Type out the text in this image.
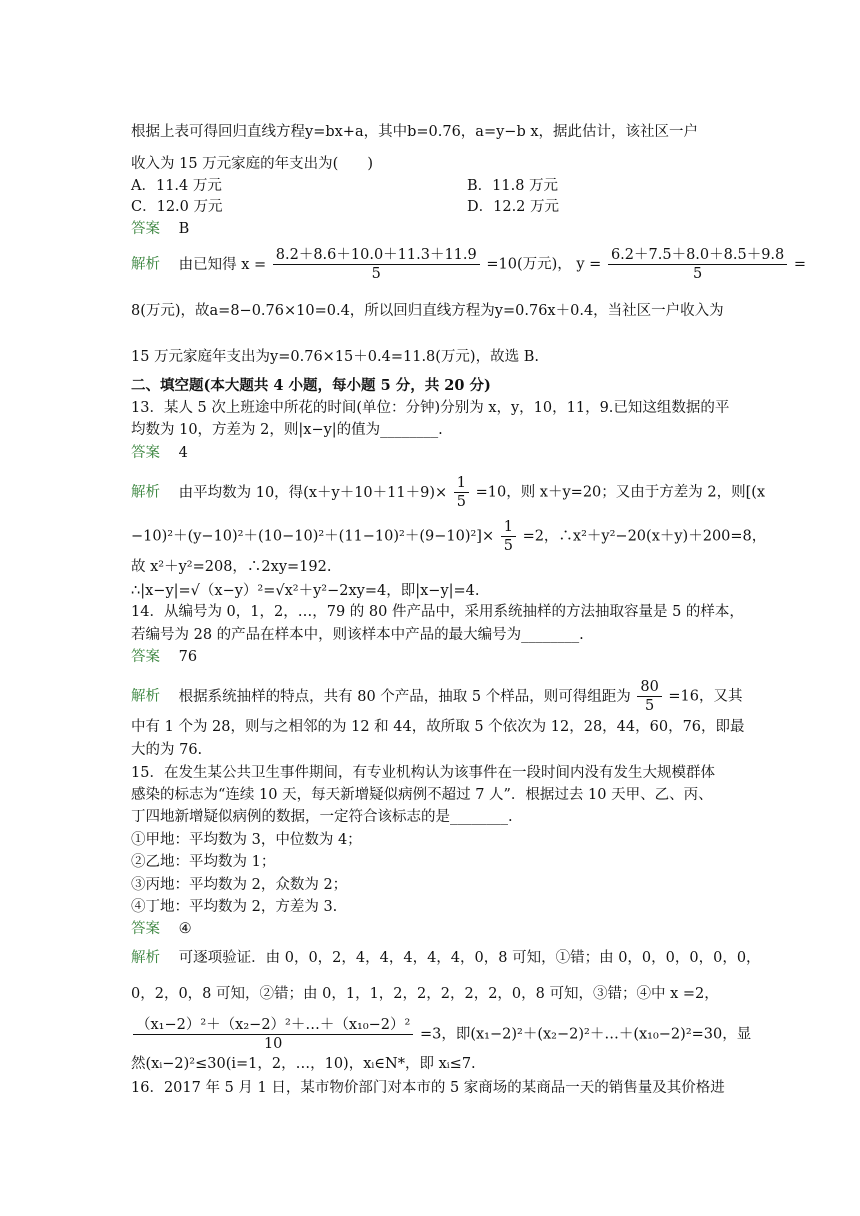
根据上表可得回归直线方程y=bx+a，其中b=0.76，a=y−b x，据此估计，该社区一户
收入为 15 万元家庭的年支出为(　　)
A．11.4 万元	B．11.8 万元
C．12.0 万元	D．12.2 万元
答案 B
解析 由已知得 $x = \frac{8.2+8.6+10.0+11.3+11.9}{5} =10$(万元)， $y = \frac{6.2+7.5+8.0+8.5+9.8}{5}$ =
8(万元)，故a=8−0.76×10=0.4，所以回归直线方程为y=0.76x＋0.4，当社区一户收入为
15 万元家庭年支出为y=0.76×15＋0.4=11.8(万元)，故选 B.
二、填空题(本大题共 4 小题，每小题 5 分，共 20 分)
13．某人 5 次上班途中所花的时间(单位：分钟)分别为 x，y，10，11，9.已知这组数据的平
均数为 10，方差为 2，则|x−y|的值为________.
答案 4
解析 由平均数为 10，得$(x+y+10+11+9)\times \frac{1}{5} =10$，则 x＋y=20；又由于方差为 2，则[(x
$-10)^2+(y-10)^2+(10-10)^2+(11-10)^2+(9-10)^2]\times \frac{1}{5} =2$，∴x²＋y²−20(x＋y)＋200=8，
故 x²＋y²=208，∴2xy=192.
∴|x−y|=√（x−y）²=√x²＋y²−2xy=4，即|x−y|=4.
14．从编号为 0，1，2，…，79 的 80 件产品中，采用系统抽样的方法抽取容量是 5 的样本，
若编号为 28 的产品在样本中，则该样本中产品的最大编号为________.
答案 76
解析 根据系统抽样的特点，共有 80 个产品，抽取 5 个样品，则可得组距为 $\frac{80}{5} =16$，又其
中有 1 个为 28，则与之相邻的为 12 和 44，故所取 5 个依次为 12，28，44，60，76，即最
大的为 76.
15．在发生某公共卫生事件期间，有专业机构认为该事件在一段时间内没有发生大规模群体
感染的标志为“连续 10 天，每天新增疑似病例不超过 7 人”．根据过去 10 天甲、乙、丙、
丁四地新增疑似病例的数据，一定符合该标志的是________.
①甲地：平均数为 3，中位数为 4；
②乙地：平均数为 1；
③丙地：平均数为 2，众数为 2；
④丁地：平均数为 2，方差为 3.
答案 ④
解析 可逐项验证．由 0，0，2，4，4，4，4，4，0，8 可知，①错；由 0，0，0，0，0，0，
0，2，0，8 可知，②错；由 0，1，1，2，2，2，2，2，0，8 可知，③错；④中 x =2，
$\frac{\text{（x₁−2）²＋（x₂−2）²＋…＋（x₁₀−2）²}}{10} =3$，即(x₁−2)²＋(x₂−2)²＋…＋(x₁₀−2)²=30，显
然(xᵢ−2)²≤30(i=1，2，…，10)，xᵢ∈N*，即 xᵢ≤7.
16．2017 年 5 月 1 日，某市物价部门对本市的 5 家商场的某商品一天的销售量及其价格进
